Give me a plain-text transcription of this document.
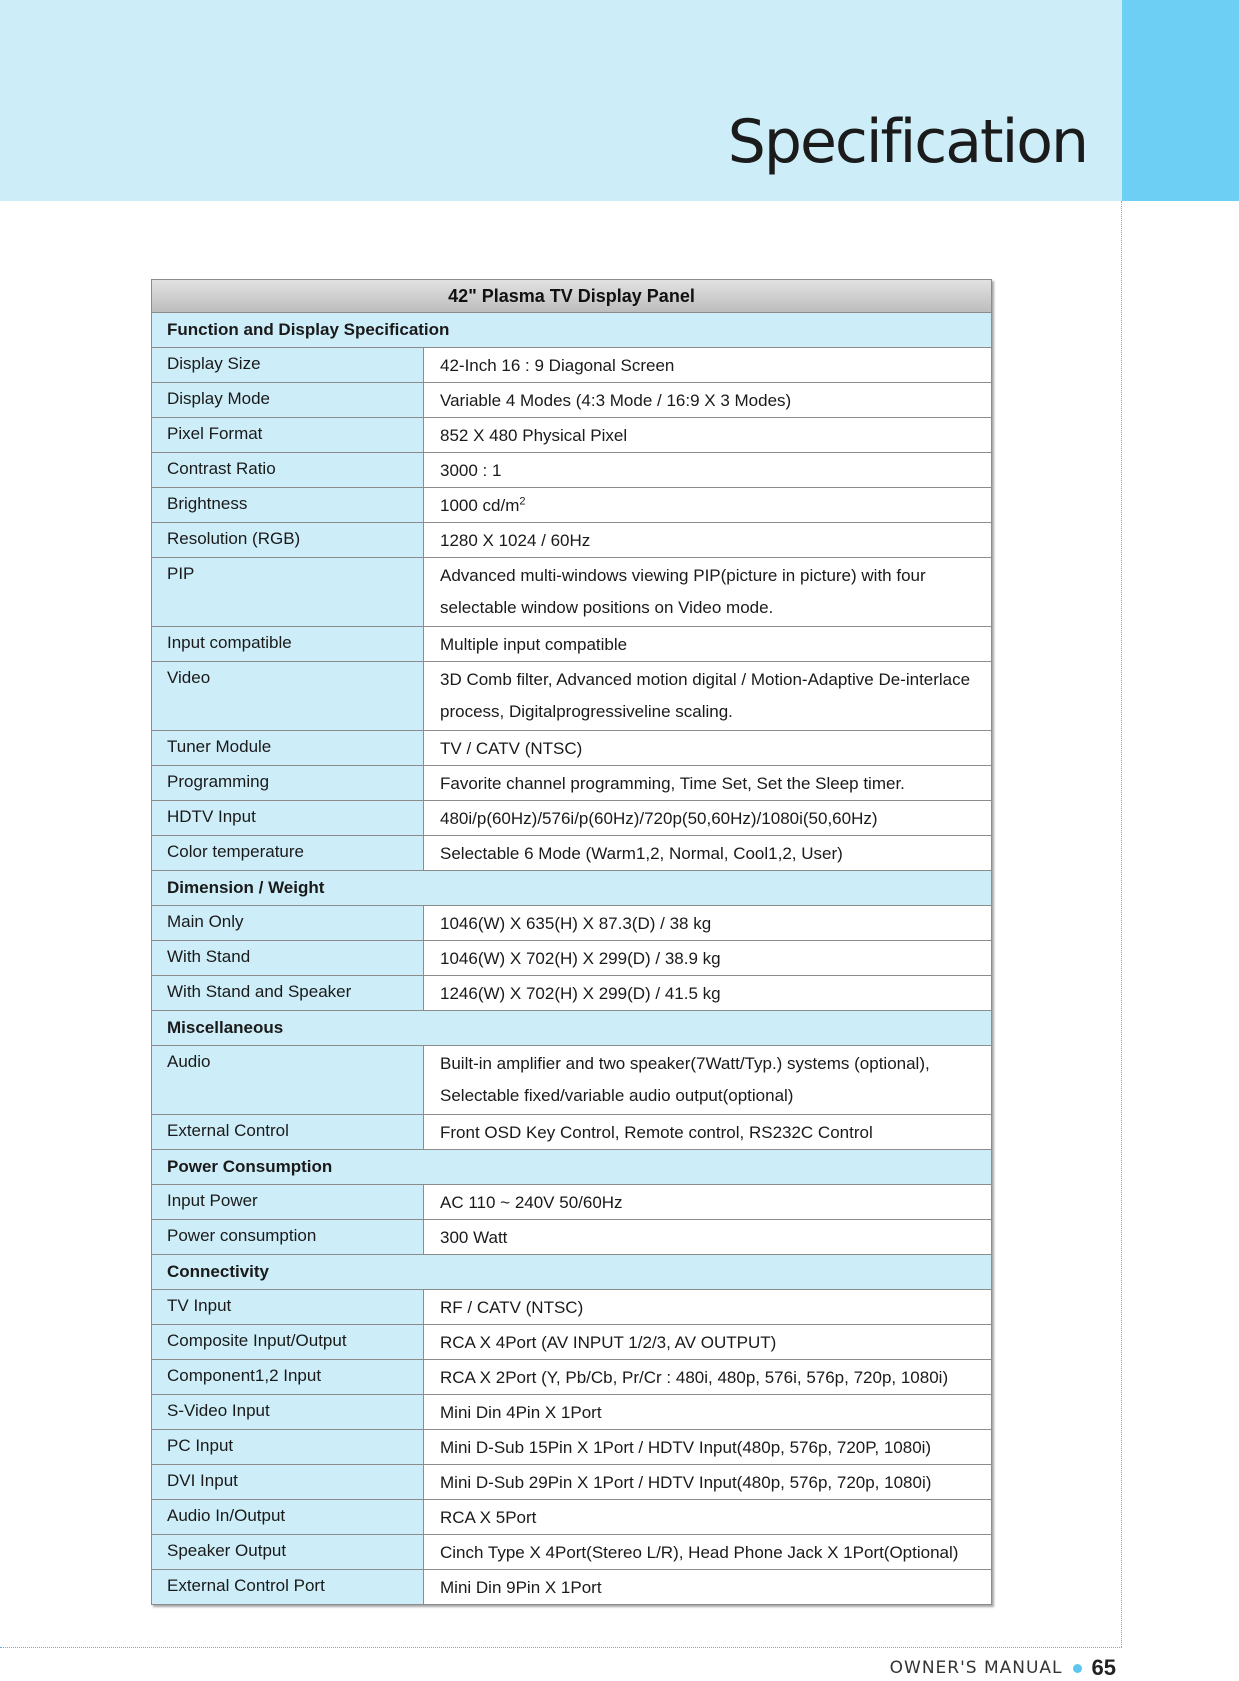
Specification
42" Plasma TV Display Panel
Function and Display Specification
Display Size	42-Inch 16 : 9 Diagonal Screen
Display Mode	Variable 4 Modes (4:3 Mode / 16:9 X 3 Modes)
Pixel Format	852 X 480 Physical Pixel
Contrast Ratio	3000 : 1
Brightness	1000 $cd/m^2$
Resolution (RGB)	1280 X 1024 / 60Hz
PIP	Advanced multi-windows viewing PIP(picture in picture) with four
selectable window positions on Video mode.
Input compatible	Multiple input compatible
Video	3D Comb filter, Advanced motion digital / Motion-Adaptive De-interlace
process, Digitalprogressiveline scaling.
Tuner Module	TV / CATV (NTSC)
Programming	Favorite channel programming, Time Set, Set the Sleep timer.
HDTV Input	480i/p(60Hz)/576i/p(60Hz)/720p(50,60Hz)/1080i(50,60Hz)
Color temperature	Selectable 6 Mode (Warm1,2, Normal, Cool1,2, User)
Dimension / Weight
Main Only	1046(W) X 635(H) X 87.3(D) / 38 kg
With Stand	1046(W) X 702(H) X 299(D) / 38.9 kg
With Stand and Speaker	1246(W) X 702(H) X 299(D) / 41.5 kg
Miscellaneous
Audio	Built-in amplifier and two speaker(7Watt/Typ.) systems (optional),
Selectable fixed/variable audio output(optional)
External Control	Front OSD Key Control, Remote control, RS232C Control
Power Consumption
Input Power	AC 110 ~ 240V 50/60Hz
Power consumption	300 Watt
Connectivity
TV Input	RF / CATV (NTSC)
Composite Input/Output	RCA X 4Port (AV INPUT 1/2/3, AV OUTPUT)
Component1,2 Input	RCA X 2Port (Y, Pb/Cb, Pr/Cr : 480i, 480p, 576i, 576p, 720p, 1080i)
S-Video Input	Mini Din 4Pin X 1Port
PC Input	Mini D-Sub 15Pin X 1Port / HDTV Input(480p, 576p, 720P, 1080i)
DVI Input	Mini D-Sub 29Pin X 1Port / HDTV Input(480p, 576p, 720p, 1080i)
Audio In/Output	RCA X 5Port
Speaker Output	Cinch Type X 4Port(Stereo L/R), Head Phone Jack X 1Port(Optional)
External Control Port	Mini Din 9Pin X 1Port
OWNER'S MANUAL 65
